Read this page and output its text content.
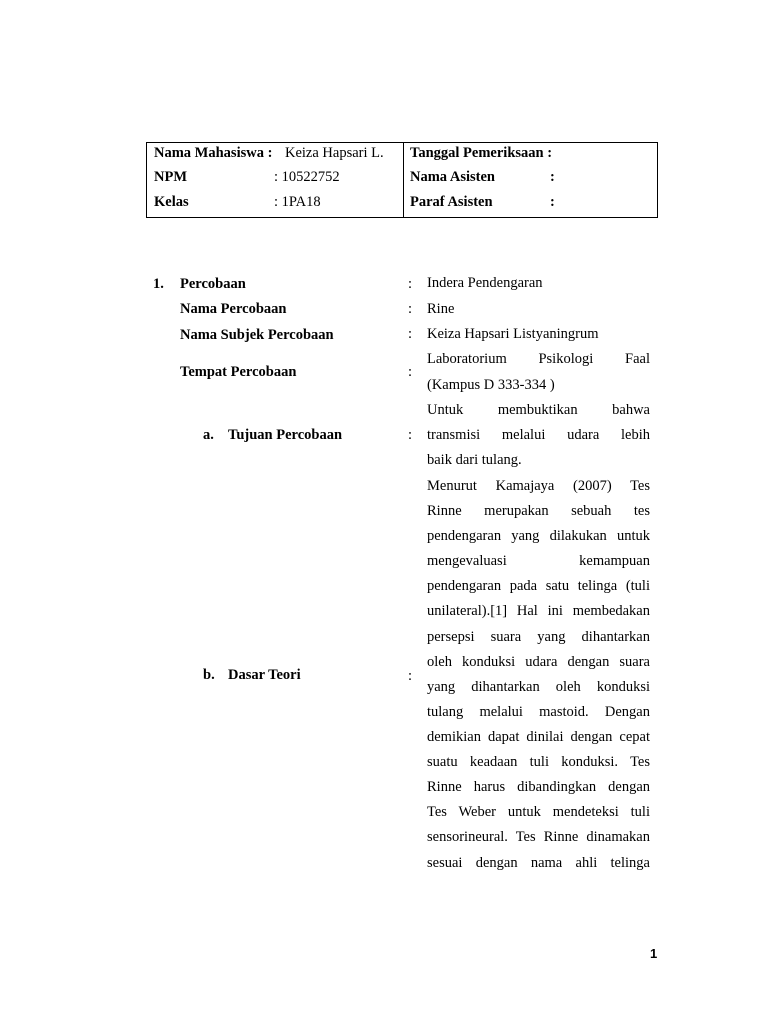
Nama Mahasiswa : Keiza Hapsari L.
NPM	: 10522752
Kelas	: 1PA18
Tanggal Pemeriksaan :
Nama Asisten	:
Paraf Asisten	:
1. Percobaan	: Indera Pendengaran
Nama Percobaan	: Rine
Nama Subjek Percobaan	: Keiza Hapsari Listyaningrum
Tempat Percobaan	:
Laboratorium Psikologi Faal
(Kampus D 333-334 )
a. Tujuan Percobaan	:
Untuk membuktikan bahwa
transmisi melalui udara lebih
baik dari tulang.
b. Dasar Teori	:
Menurut Kamajaya (2007) Tes
Rinne merupakan sebuah tes
pendengaran yang dilakukan untuk
mengevaluasi kemampuan
pendengaran pada satu telinga (tuli
unilateral).[1] Hal ini membedakan
persepsi suara yang dihantarkan
oleh konduksi udara dengan suara
yang dihantarkan oleh konduksi
tulang melalui mastoid. Dengan
demikian dapat dinilai dengan cepat
suatu keadaan tuli konduksi. Tes
Rinne harus dibandingkan dengan
Tes Weber untuk mendeteksi tuli
sensorineural. Tes Rinne dinamakan
sesuai dengan nama ahli telinga
1
